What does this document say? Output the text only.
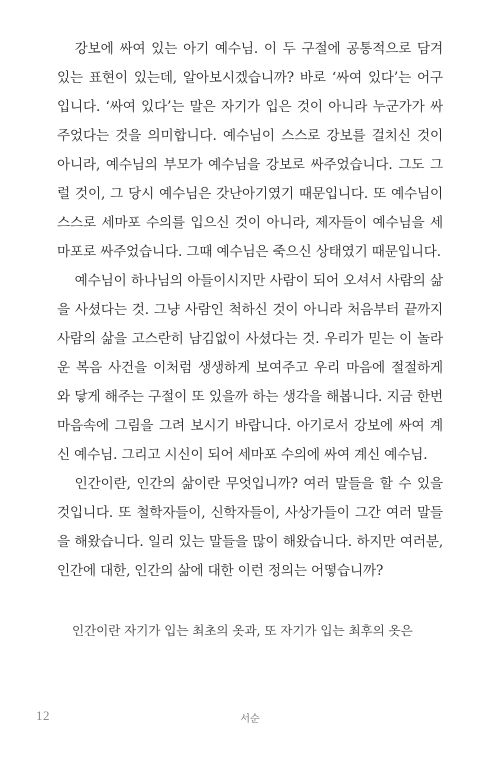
강보에 싸여 있는 아기 예수님. 이 두 구절에 공통적으로 담겨 있는 표현이 있는데, 알아보시겠습니까? 바로 ‘싸여 있다’는 어구입니다. ‘싸여 있다’는 말은 자기가 입은 것이 아니라 누군가가 싸주었다는 것을 의미합니다. 예수님이 스스로 강보를 걸치신 것이 아니라, 예수님의 부모가 예수님을 강보로 싸주었습니다. 그도 그럴 것이, 그 당시 예수님은 갓난아기였기 때문입니다. 또 예수님이 스스로 세마포 수의를 입으신 것이 아니라, 제자들이 예수님을 세마포로 싸주었습니다. 그때 예수님은 죽으신 상태였기 때문입니다.

예수님이 하나님의 아들이시지만 사람이 되어 오셔서 사람의 삶을 사셨다는 것. 그냥 사람인 척하신 것이 아니라 처음부터 끝까지 사람의 삶을 고스란히 남김없이 사셨다는 것. 우리가 믿는 이 놀라운 복음 사건을 이처럼 생생하게 보여주고 우리 마음에 절절하게 와 닿게 해주는 구절이 또 있을까 하는 생각을 해봅니다. 지금 한번 마음속에 그림을 그려 보시기 바랍니다. 아기로서 강보에 싸여 계신 예수님. 그리고 시신이 되어 세마포 수의에 싸여 계신 예수님.

인간이란, 인간의 삶이란 무엇입니까? 여러 말들을 할 수 있을 것입니다. 또 철학자들이, 신학자들이, 사상가들이 그간 여러 말들을 해왔습니다. 일리 있는 말들을 많이 해왔습니다. 하지만 여러분, 인간에 대한, 인간의 삶에 대한 이런 정의는 어떻습니까?

인간이란 자기가 입는 최초의 옷과, 또 자기가 입는 최후의 옷은
12	서순
